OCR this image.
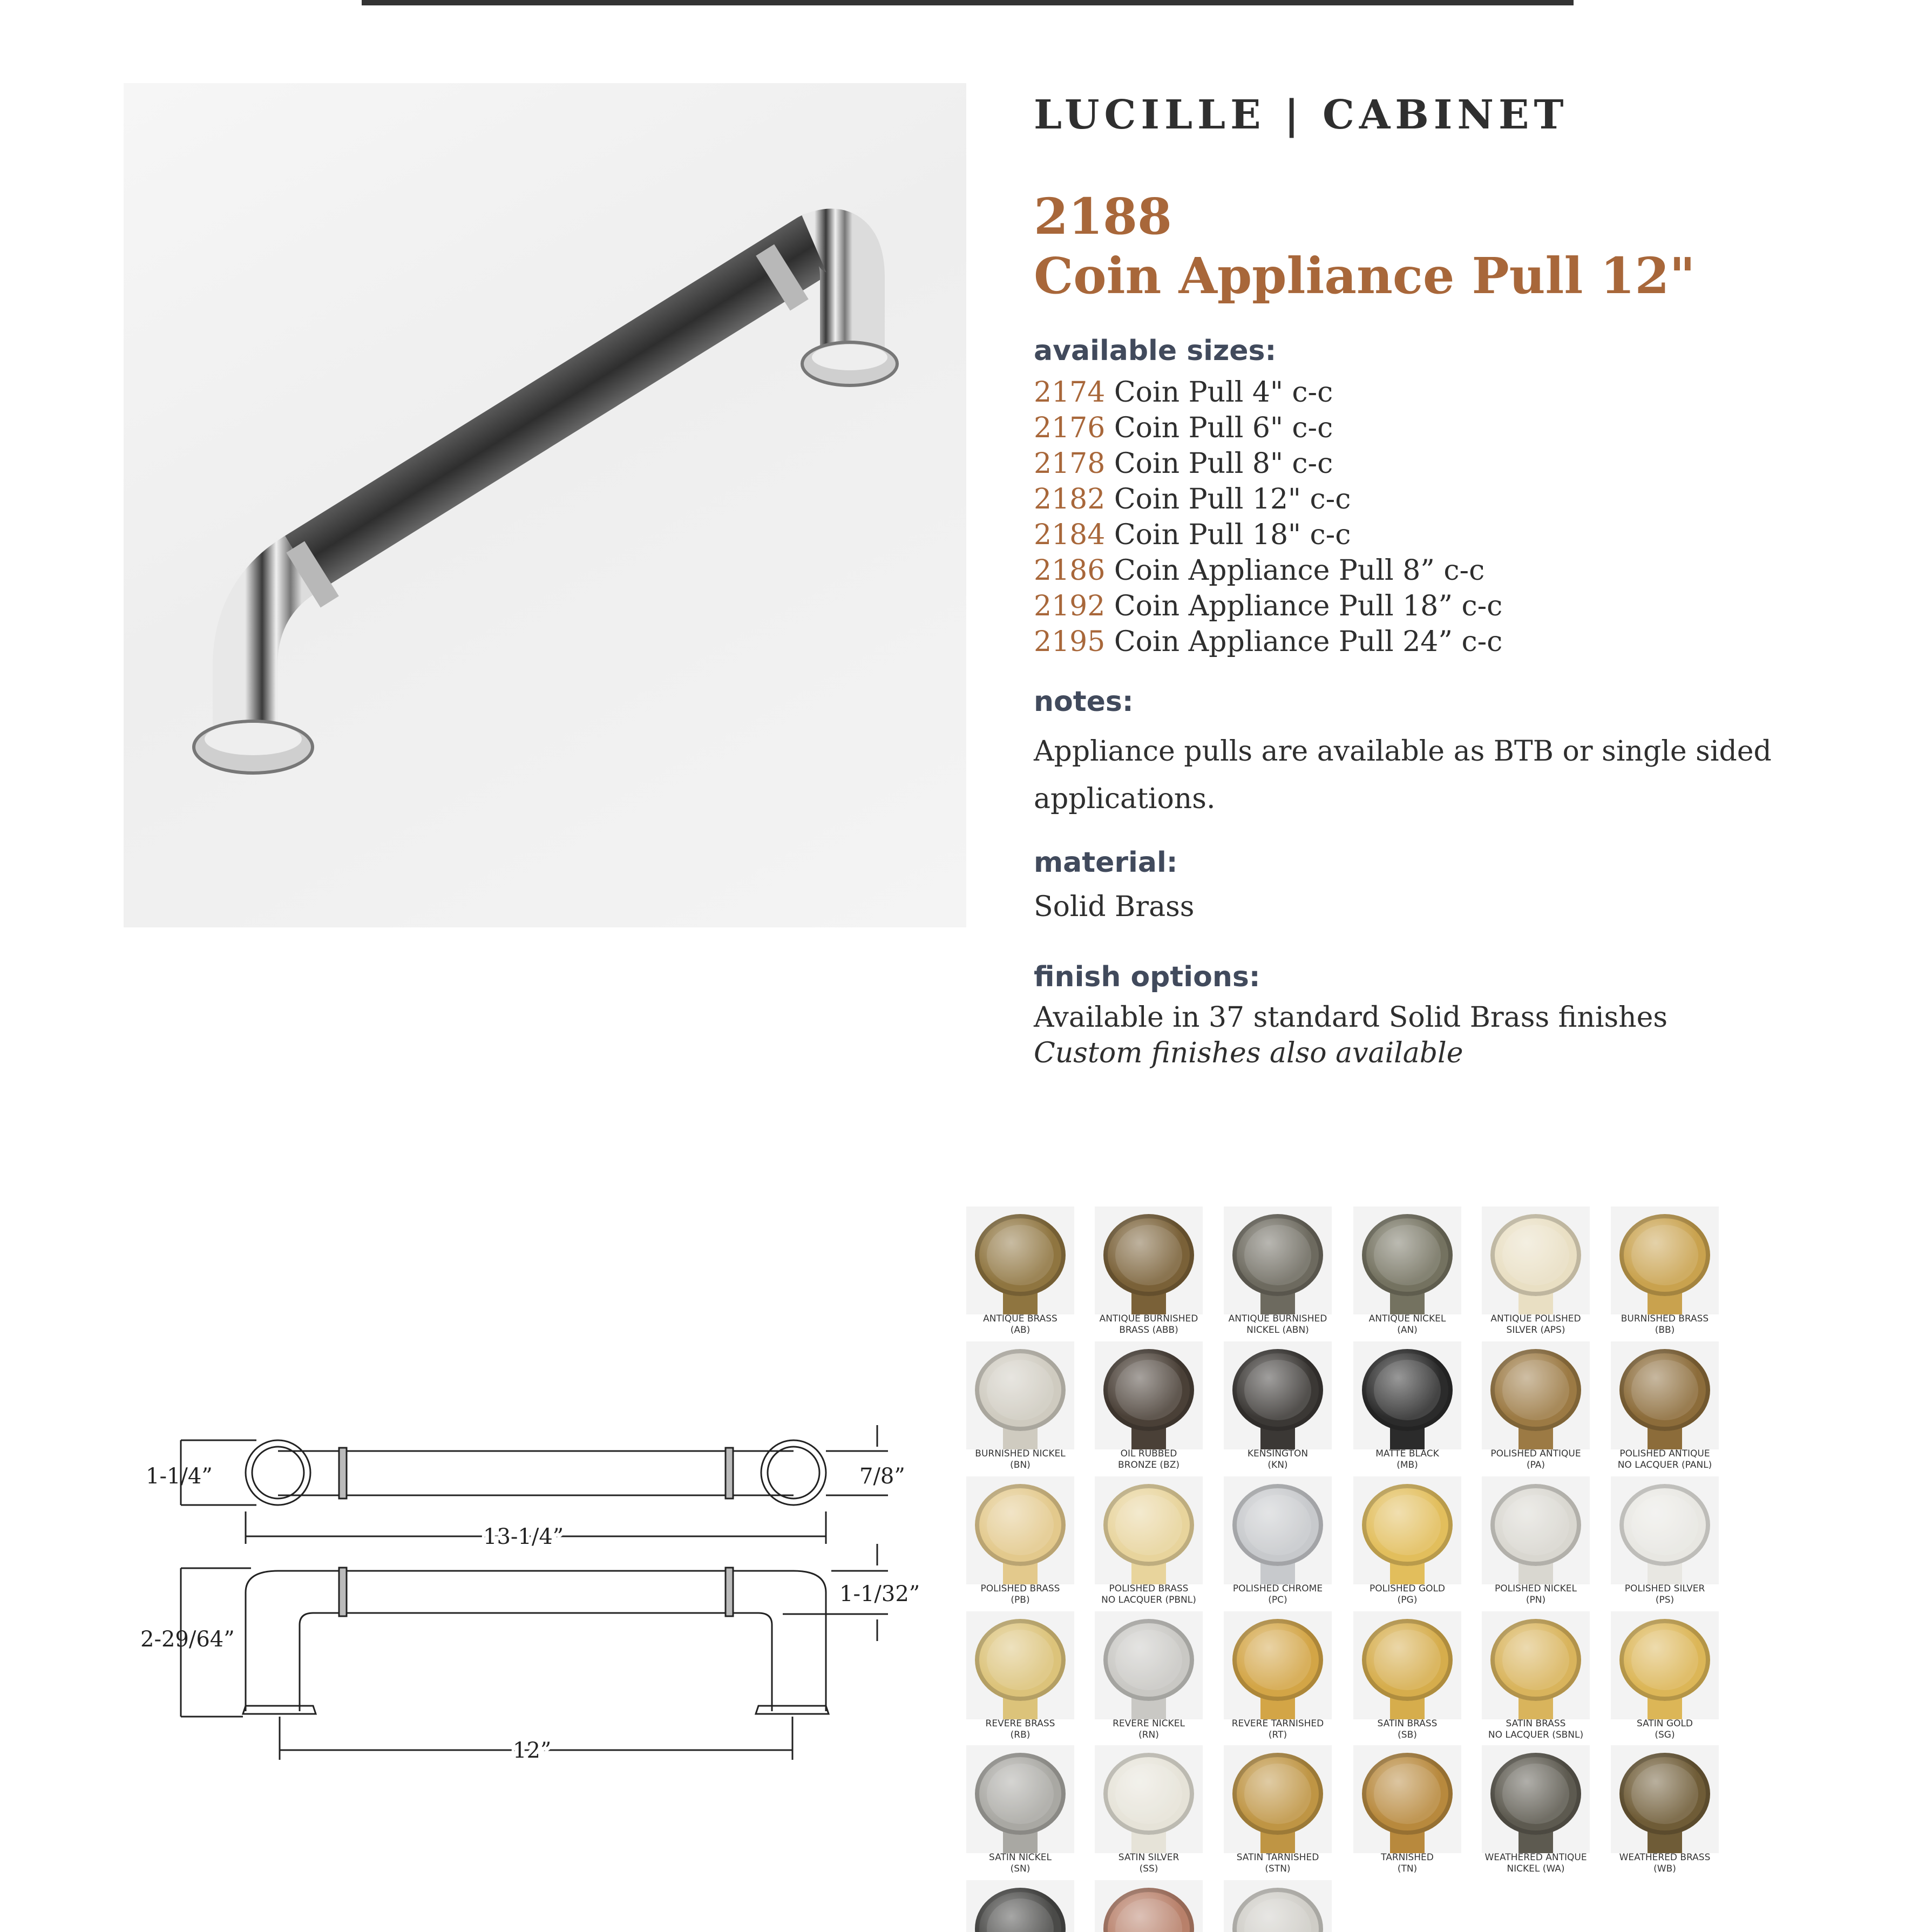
LUCILLE | CABINET
2188
Coin Appliance Pull 12"
available sizes:
2174 Coin Pull 4" c-c
2176 Coin Pull 6" c-c
2178 Coin Pull 8" c-c
2182 Coin Pull 12" c-c
2184 Coin Pull 18" c-c
2186 Coin Appliance Pull 8” c-c
2192 Coin Appliance Pull 18” c-c
2195 Coin Appliance Pull 24” c-c
notes:
Appliance pulls are available as BTB or single sided
applications.
material:
Solid Brass
finish options:
Available in 37 standard Solid Brass finishes
Custom finishes also available
1-1/4”	7/8”
13-1/4”
1-1/32”
2-29/64”
12”
ANTIQUE BRASS
(AB)
ANTIQUE BURNISHED
BRASS (ABB)
ANTIQUE BURNISHED
NICKEL (ABN)
ANTIQUE NICKEL
(AN)
ANTIQUE POLISHED
SILVER (APS)
BURNISHED BRASS
(BB)
BURNISHED NICKEL
(BN)
OIL RUBBED
BRONZE (BZ)
KENSINGTON
(KN)
MATTE BLACK
(MB)
POLISHED ANTIQUE
(PA)
POLISHED ANTIQUE
NO LACQUER (PANL)
POLISHED BRASS
(PB)
POLISHED BRASS
NO LACQUER (PBNL)
POLISHED CHROME
(PC)
POLISHED GOLD
(PG)
POLISHED NICKEL
(PN)
POLISHED SILVER
(PS)
REVERE BRASS
(RB)
REVERE NICKEL
(RN)
REVERE TARNISHED
(RT)
SATIN BRASS
(SB)
SATIN BRASS
NO LACQUER (SBNL)
SATIN GOLD
(SG)
SATIN NICKEL
(SN)
SATIN SILVER
(SS)
SATIN TARNISHED
(STN)
TARNISHED
(TN)
WEATHERED ANTIQUE
NICKEL (WA)
WEATHERED BRASS
(WB)
